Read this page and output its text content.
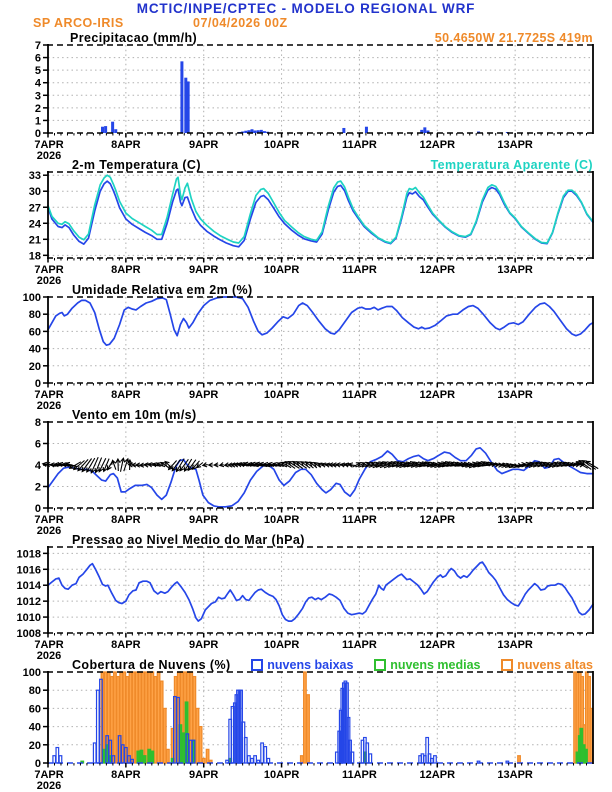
0
1
2
3
4
5
6
7
7APR
2026
8APR	9APR	10APR	11APR	12APR	13APR
18
21
24
27
30
33
7APR
2026
8APR	9APR	10APR	11APR	12APR	13APR
0
20
40
60
80
100
7APR
2026
8APR	9APR	10APR	11APR	12APR	13APR
0
2
4
6
8
7APR
2026
8APR	9APR	10APR	11APR	12APR	13APR
1008
1010
1012
1014
1016
1018
7APR
2026
8APR	9APR	10APR	11APR	12APR	13APR
0
20
40
60
80
100
7APR
2026
8APR	9APR	10APR	11APR	12APR	13APR
MCTIC/INPE/CPTEC - MODELO REGIONAL WRF
SP ARCO-IRIS	07/04/2026 00Z
Precipitacao (mm/h)	50.4650W 21.7725S 419m
2-m Temperatura (C)	Temperatura Aparente (C)
Umidade Relativa em 2m (%)
Vento em 10m (m/s)
Pressao ao Nivel Medio do Mar (hPa)
Cobertura de Nuvens (%)	nuvens baixas	nuvens medias	nuvens altas
